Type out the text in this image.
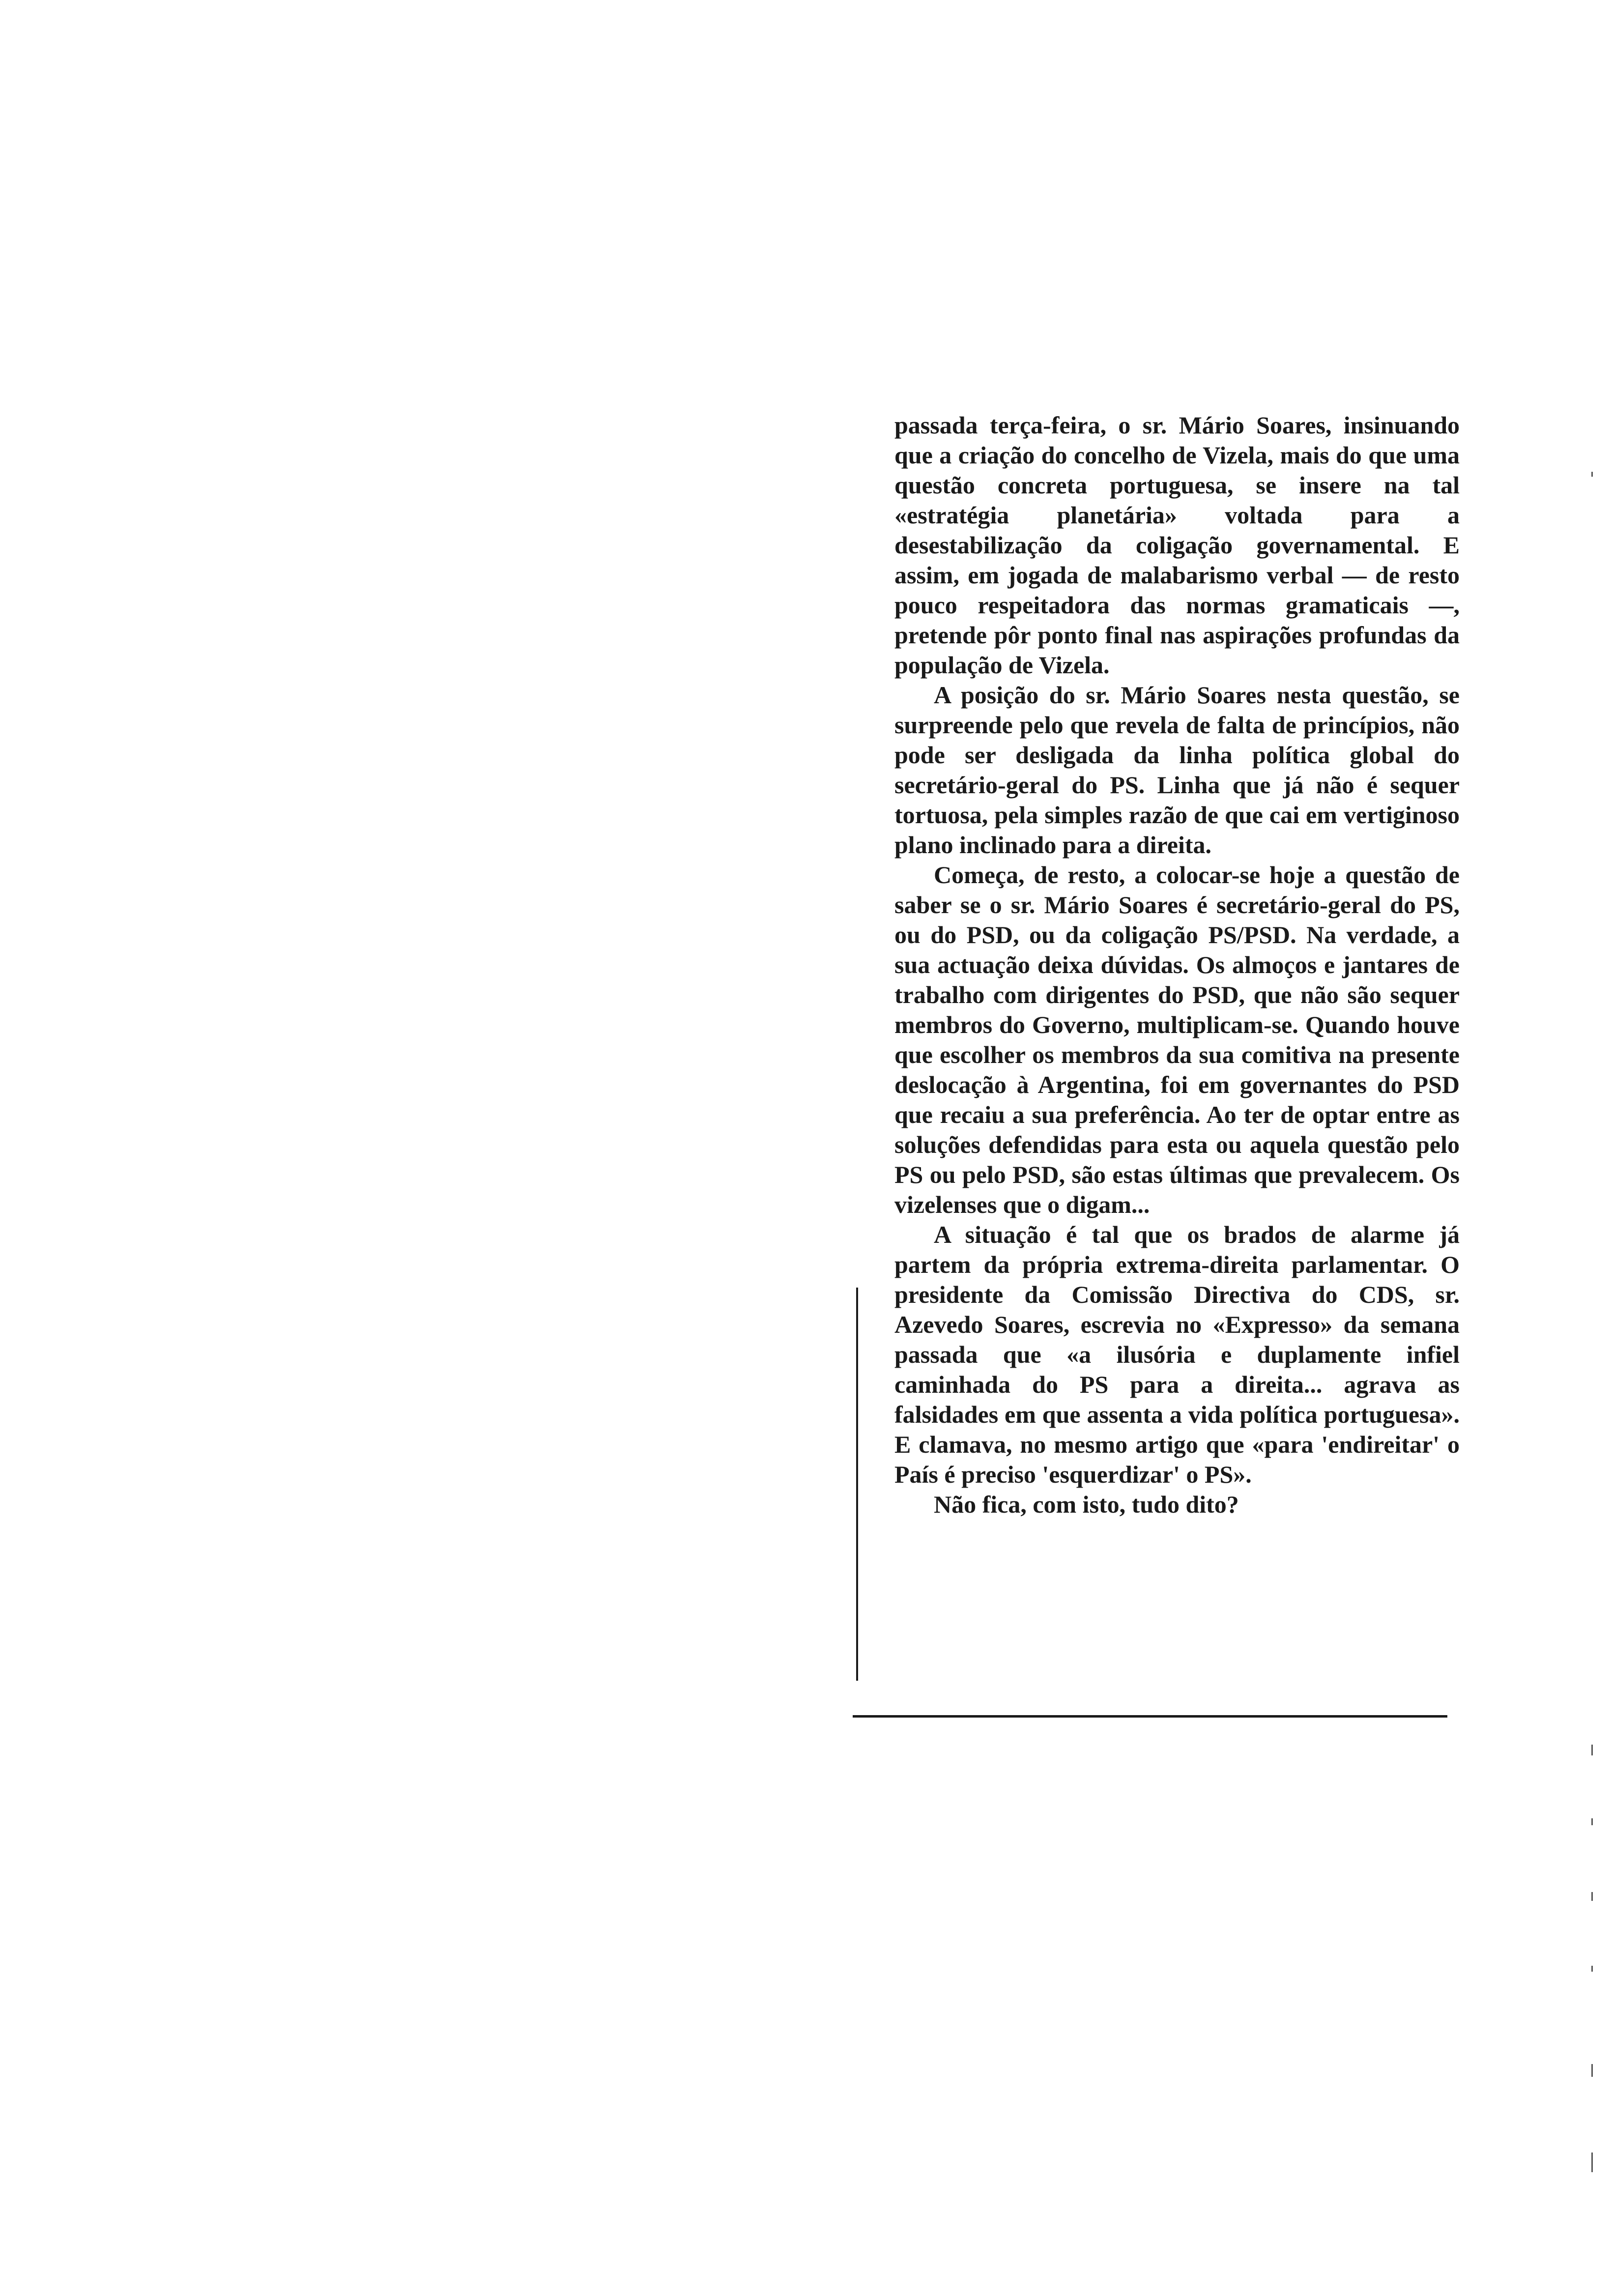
passada terça-feira, o sr. Mário Soares, insinuando que a criação do concelho de Vizela, mais do que uma questão concreta portuguesa, se insere na tal «estratégia planetária» voltada para a desestabilização da coligação governamental. E assim, em jogada de malabarismo verbal — de resto pouco respeitadora das normas gramaticais —, pretende pôr ponto final nas aspirações profundas da população de Vizela.

A posição do sr. Mário Soares nesta questão, se surpreende pelo que revela de falta de princípios, não pode ser desligada da linha política global do secretário-geral do PS. Linha que já não é sequer tortuosa, pela simples razão de que cai em vertiginoso plano inclinado para a direita.

Começa, de resto, a colocar-se hoje a questão de saber se o sr. Mário Soares é secretário-geral do PS, ou do PSD, ou da coligação PS/PSD. Na verdade, a sua actuação deixa dúvidas. Os almoços e jantares de trabalho com dirigentes do PSD, que não são sequer membros do Governo, multiplicam-se. Quando houve que escolher os membros da sua comitiva na presente deslocação à Argentina, foi em governantes do PSD que recaiu a sua preferência. Ao ter de optar entre as soluções defendidas para esta ou aquela questão pelo PS ou pelo PSD, são estas últimas que prevalecem. Os vizelenses que o digam...

A situação é tal que os brados de alarme já partem da própria extrema-direita parlamentar. O presidente da Comissão Directiva do CDS, sr. Azevedo Soares, escrevia no «Expresso» da semana passada que «a ilusória e duplamente infiel caminhada do PS para a direita... agrava as falsidades em que assenta a vida política portuguesa». E clamava, no mesmo artigo que «para 'endireitar' o País é preciso 'esquerdizar' o PS».

Não fica, com isto, tudo dito?
